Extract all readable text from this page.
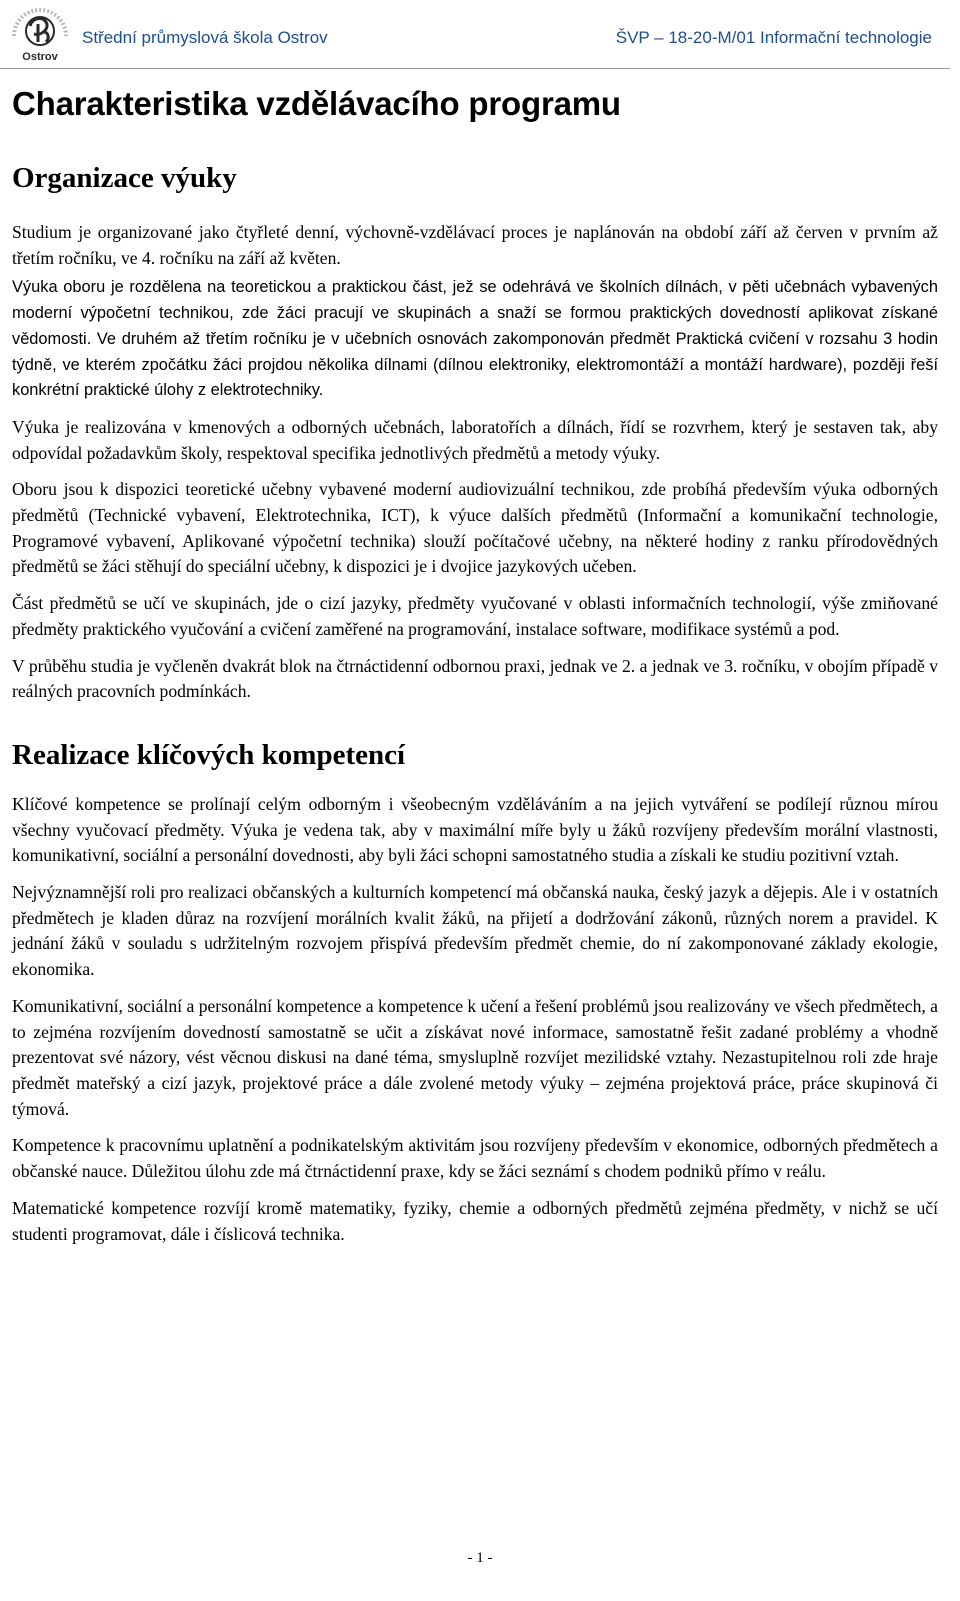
Ostrov
Střední průmyslová škola Ostrov	ŠVP – 18-20-M/01 Informační technologie
Charakteristika vzdělávacího programu
Organizace výuky

Studium je organizované jako čtyřleté denní, výchovně-vzdělávací proces je naplánován na období září až červen v prvním až třetím ročníku, ve 4. ročníku na září až květen.

Výuka oboru je rozdělena na teoretickou a praktickou část, jež se odehrává ve školních dílnách, v pěti učebnách vybavených moderní výpočetní technikou, zde žáci pracují ve skupinách a snaží se formou praktických dovedností aplikovat získané vědomosti. Ve druhém až třetím ročníku je v učebních osnovách zakomponován předmět Praktická cvičení v rozsahu 3 hodin týdně, ve kterém zpočátku žáci projdou několika dílnami (dílnou elektroniky, elektromontáží a montáží hardware), později řeší konkrétní praktické úlohy z elektrotechniky.

Výuka je realizována v kmenových a odborných učebnách, laboratořích a dílnách, řídí se rozvrhem, který je sestaven tak, aby odpovídal požadavkům školy, respektoval specifika jednotlivých předmětů a metody výuky.

Oboru jsou k dispozici teoretické učebny vybavené moderní audiovizuální technikou, zde probíhá především výuka odborných předmětů (Technické vybavení, Elektrotechnika, ICT), k výuce dalších předmětů (Informační a komunikační technologie, Programové vybavení, Aplikované výpočetní technika) slouží počítačové učebny, na některé hodiny z ranku přírodovědných předmětů se žáci stěhují do speciální učebny, k dispozici je i dvojice jazykových učeben.

Část předmětů se učí ve skupinách, jde o cizí jazyky, předměty vyučované v oblasti informačních technologií, výše zmiňované předměty praktického vyučování a cvičení zaměřené na programování, instalace software, modifikace systémů a pod.

V průběhu studia je vyčleněn dvakrát blok na čtrnáctidenní odbornou praxi, jednak ve 2. a jednak ve 3. ročníku, v obojím případě v reálných pracovních podmínkách.

Realizace klíčových kompetencí

Klíčové kompetence se prolínají celým odborným i všeobecným vzděláváním a na jejich vytváření se podílejí různou mírou všechny vyučovací předměty. Výuka je vedena tak, aby v maximální míře byly u žáků rozvíjeny především morální vlastnosti, komunikativní, sociální a personální dovednosti, aby byli žáci schopni samostatného studia a získali ke studiu pozitivní vztah.

Nejvýznamnější roli pro realizaci občanských a kulturních kompetencí má občanská nauka, český jazyk a dějepis. Ale i v ostatních předmětech je kladen důraz na rozvíjení morálních kvalit žáků, na přijetí a dodržování zákonů, různých norem a pravidel. K jednání žáků v souladu s udržitelným rozvojem přispívá především předmět chemie, do ní zakomponované základy ekologie, ekonomika.

Komunikativní, sociální a personální kompetence a kompetence k učení a řešení problémů jsou realizovány ve všech předmětech, a to zejména rozvíjením dovedností samostatně se učit a získávat nové informace, samostatně řešit zadané problémy a vhodně prezentovat své názory, vést věcnou diskusi na dané téma, smysluplně rozvíjet mezilidské vztahy. Nezastupitelnou roli zde hraje předmět mateřský a cizí jazyk, projektové práce a dále zvolené metody výuky – zejména projektová práce, práce skupinová či týmová.

Kompetence k pracovnímu uplatnění a podnikatelským aktivitám jsou rozvíjeny především v ekonomice, odborných předmětech a občanské nauce. Důležitou úlohu zde má čtrnáctidenní praxe, kdy se žáci seznámí s chodem podniků přímo v reálu.

Matematické kompetence rozvíjí kromě matematiky, fyziky, chemie a odborných předmětů zejména předměty, v nichž se učí studenti programovat, dále i číslicová technika.

- 1 -
